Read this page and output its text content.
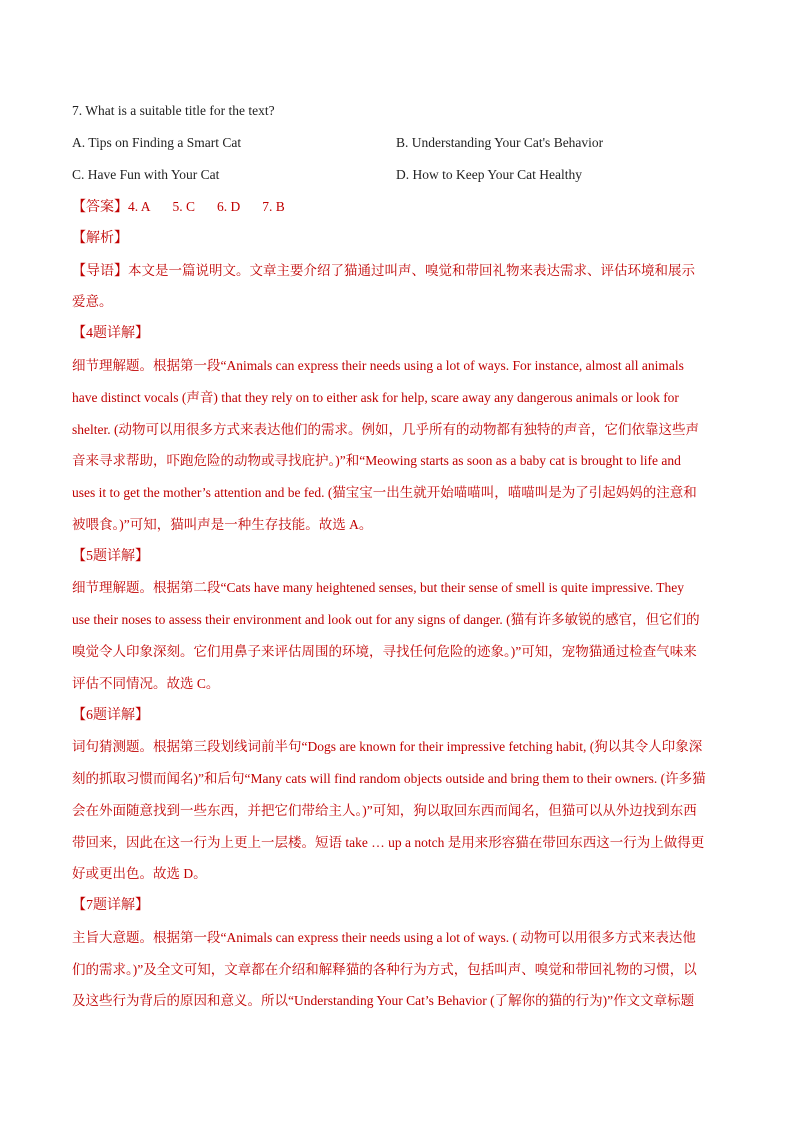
7. What is a suitable title for the text?
A. Tips on Finding a Smart Cat	B. Understanding Your Cat's Behavior
C. Have Fun with Your Cat	D. How to Keep Your Cat Healthy
【答案】4. A 5. C 6. D 7. B
【解析】
【导语】本文是一篇说明文。文章主要介绍了猫通过叫声、嗅觉和带回礼物来表达需求、评估环境和展示
爱意。
【4题详解】
细节理解题。根据第一段“Animals can express their needs using a lot of ways. For instance, almost all animals
have distinct vocals (声音) that they rely on to either ask for help, scare away any dangerous animals or look for
shelter. (动物可以用很多方式来表达他们的需求。例如，几乎所有的动物都有独特的声音，它们依靠这些声
音来寻求帮助，吓跑危险的动物或寻找庇护。)”和“Meowing starts as soon as a baby cat is brought to life and
uses it to get the mother’s attention and be fed. (猫宝宝一出生就开始喵喵叫，喵喵叫是为了引起妈妈的注意和
被喂食。)”可知，猫叫声是一种生存技能。故选 A。
【5题详解】
细节理解题。根据第二段“Cats have many heightened senses, but their sense of smell is quite impressive. They
use their noses to assess their environment and look out for any signs of danger. (猫有许多敏锐的感官，但它们的
嗅觉令人印象深刻。它们用鼻子来评估周围的环境，寻找任何危险的迹象。)”可知，宠物猫通过检查气味来
评估不同情况。故选 C。
【6题详解】
词句猜测题。根据第三段划线词前半句“Dogs are known for their impressive fetching habit, (狗以其令人印象深
刻的抓取习惯而闻名)”和后句“Many cats will find random objects outside and bring them to their owners. (许多猫
会在外面随意找到一些东西，并把它们带给主人。)”可知，狗以取回东西而闻名，但猫可以从外边找到东西
带回来，因此在这一行为上更上一层楼。短语 take … up a notch 是用来形容猫在带回东西这一行为上做得更
好或更出色。故选 D。
【7题详解】
主旨大意题。根据第一段“Animals can express their needs using a lot of ways. ( 动物可以用很多方式来表达他
们的需求。)”及全文可知，文章都在介绍和解释猫的各种行为方式，包括叫声、嗅觉和带回礼物的习惯，以
及这些行为背后的原因和意义。所以“Understanding Your Cat’s Behavior (了解你的猫的行为)”作文文章标题
